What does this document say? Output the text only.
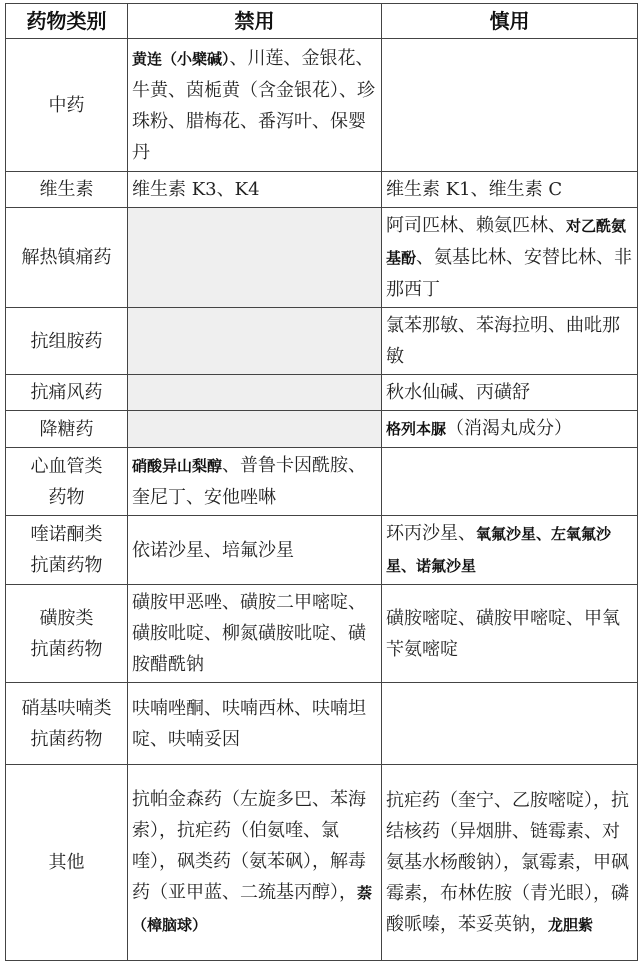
药物类别	禁用	慎用
中药	黄连（小檗碱）、川莲、金银花、牛黄、茵栀黄（含金银花）、珍珠粉、腊梅花、番泻叶、保婴丹	
维生素	维生素 K3、K4	维生素 K1、维生素 C
解热镇痛药		阿司匹林、赖氨匹林、对乙酰氨基酚、氨基比林、安替比林、非那西丁
抗组胺药		氯苯那敏、苯海拉明、曲吡那敏
抗痛风药		秋水仙碱、丙磺舒
降糖药		格列本脲（消渴丸成分）
心血管类
药物	硝酸异山梨醇、普鲁卡因酰胺、奎尼丁、安他唑啉	
喹诺酮类
抗菌药物	依诺沙星、培氟沙星	环丙沙星、氧氟沙星、左氧氟沙星、诺氟沙星
磺胺类
抗菌药物	磺胺甲恶唑、磺胺二甲嘧啶、磺胺吡啶、柳氮磺胺吡啶、磺胺醋酰钠	磺胺嘧啶、磺胺甲嘧啶、甲氧苄氨嘧啶
硝基呋喃类
抗菌药物	呋喃唑酮、呋喃西林、呋喃坦啶、呋喃妥因	
其他	抗帕金森药（左旋多巴、苯海索），抗疟药（伯氨喹、氯喹），砜类药（氨苯砜），解毒药（亚甲蓝、二巯基丙醇），萘（樟脑球）	抗疟药（奎宁、乙胺嘧啶），抗结核药（异烟肼、链霉素、对氨基水杨酸钠），氯霉素，甲砜霉素，布林佐胺（青光眼），磷酸哌嗪，苯妥英钠，龙胆紫
